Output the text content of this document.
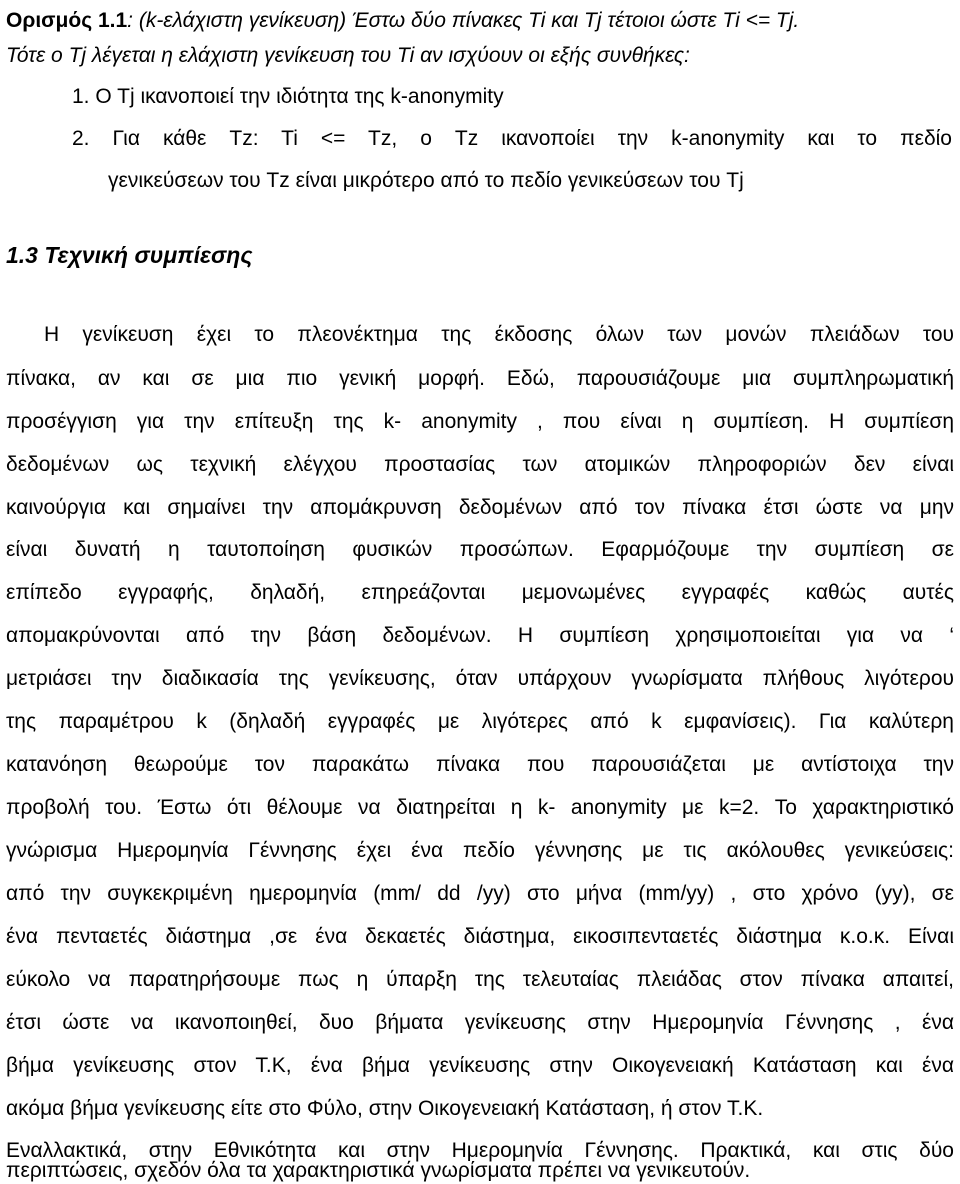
Ορισμός 1.1: (k-ελάχιστη γενίκευση) Έστω δύο πίνακες Ti και Tj τέτοιοι ώστε Ti <= Tj.
Τότε ο Tj λέγεται η ελάχιστη γενίκευση του Ti αν ισχύουν οι εξής συνθήκες:
1. O Tj ικανοποιεί την ιδιότητα της k-anonymity
2. Για κάθε Tz: Ti <= Tz, ο Tz ικανοποίει την k-anonymity και το πεδίο
γενικεύσεων του Tz είναι μικρότερο από το πεδίο γενικεύσεων του Tj
1.3 Τεχνική συμπίεσης
Η γενίκευση έχει το πλεονέκτημα της έκδοσης όλων των μονών πλειάδων του
πίνακα, αν και σε μια πιο γενική μορφή. Εδώ, παρουσιάζουμε μια συμπληρωματική
προσέγγιση για την επίτευξη της k- anonymity , που είναι η συμπίεση. Η συμπίεση
δεδομένων ως τεχνική ελέγχου προστασίας των ατομικών πληροφοριών δεν είναι
καινούργια και σημαίνει την απομάκρυνση δεδομένων από τον πίνακα έτσι ώστε να μην
είναι δυνατή η ταυτοποίηση φυσικών προσώπων. Εφαρμόζουμε την συμπίεση σε
επίπεδο εγγραφής, δηλαδή, επηρεάζονται μεμονωμένες εγγραφές καθώς αυτές
απομακρύνονται από την βάση δεδομένων. Η συμπίεση χρησιμοποιείται για να ‘
μετριάσει την διαδικασία της γενίκευσης, όταν υπάρχουν γνωρίσματα πλήθους λιγότερου
της παραμέτρου k (δηλαδή εγγραφές με λιγότερες από k εμφανίσεις). Για καλύτερη
κατανόηση θεωρούμε τον παρακάτω πίνακα που παρουσιάζεται με αντίστοιχα την
προβολή του. Έστω ότι θέλουμε να διατηρείται η k- anonymity με k=2. Το χαρακτηριστικό
γνώρισμα Ημερομηνία Γέννησης έχει ένα πεδίο γέννησης με τις ακόλουθες γενικεύσεις:
από την συγκεκριμένη ημερομηνία (mm/ dd /yy) στο μήνα (mm/yy) , στο χρόνο (yy), σε
ένα πενταετές διάστημα ,σε ένα δεκαετές διάστημα, εικοσιπενταετές διάστημα κ.ο.κ. Είναι
εύκολο να παρατηρήσουμε πως η ύπαρξη της τελευταίας πλειάδας στον πίνακα απαιτεί,
έτσι ώστε να ικανοποιηθεί, δυο βήματα γενίκευσης στην Ημερομηνία Γέννησης , ένα
βήμα γενίκευσης στον Τ.Κ, ένα βήμα γενίκευσης στην Οικογενειακή Κατάσταση και ένα
ακόμα βήμα γενίκευσης είτε στο Φύλο, στην Οικογενειακή Κατάσταση, ή στον Τ.Κ.
Εναλλακτικά, στην Εθνικότητα και στην Ημερομηνία Γέννησης. Πρακτικά, και στις δύο
περιπτώσεις, σχεδόν όλα τα χαρακτηριστικά γνωρίσματα πρέπει να γενικευτούν.
